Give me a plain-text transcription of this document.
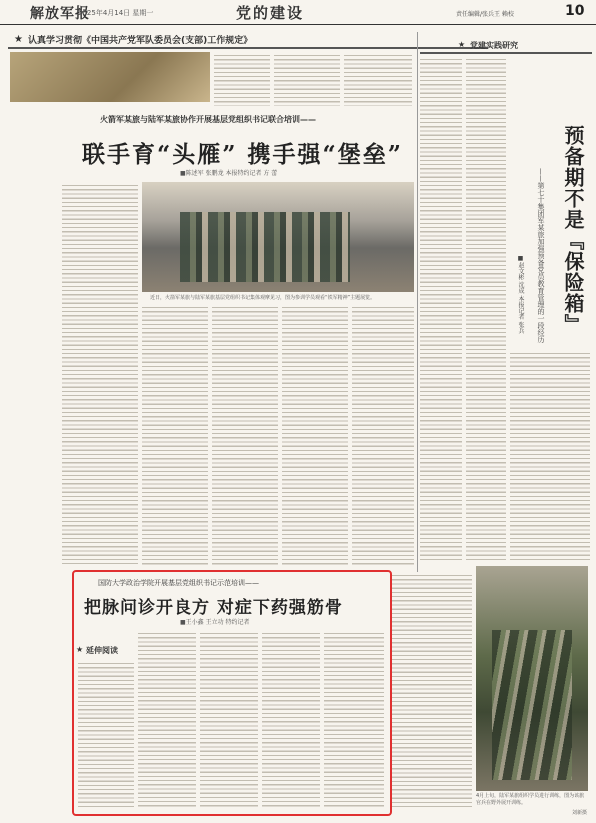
解放军报
2025年4月14日 星期一	党的建设	责任编辑/张兵王 赖校	10
★ 认真学习贯彻《中国共产党军队委员会(支部)工作规定》
火箭军某旅与陆军某旅协作开展基层党组织书记联合培训——
联手育“头雁” 携手强“堡垒”
■陈述军 张鹏龙 本报特约记者 方 蕾
近日，火箭军某旅与陆军某旅基层党组织书记集体观摩见习，图为参训学员观看“铁军精神”主题展览。
★ 党建实践研究
预备期不是『保险箱』
——第七十集团军某旅加强预备党员教育管理的一段经历
■赵文彬 沈成 本报记者 张兵
国防大学政治学院开展基层党组织书记示范培训——
把脉问诊开良方 对症下药强筋骨
■王小鑫 王立功 特约记者
★ 延伸阅读
4月上旬，陆军某旅组织学员进行训练，图为该旅官兵在野外展开训练。
刘新摄
